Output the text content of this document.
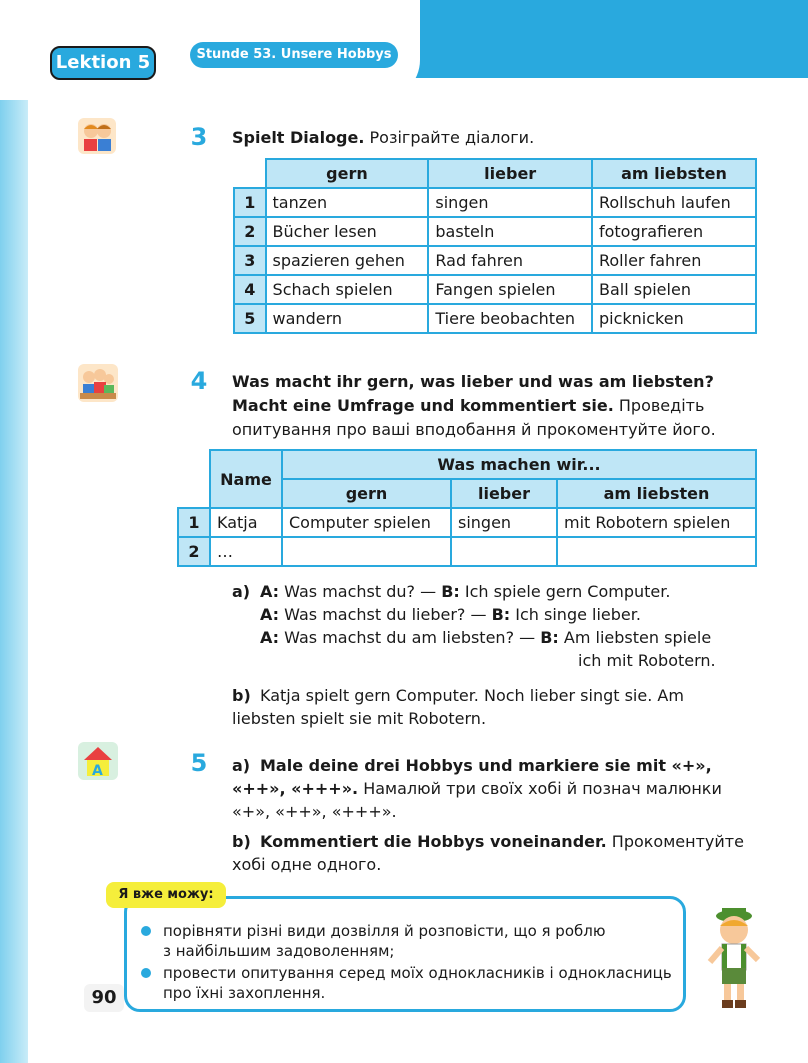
Lektion 5	Stunde 53. Unsere Hobbys
3 Spielt Dialoge. Розіграйте діалоги.
	gern	lieber	am liebsten
1	tanzen	singen	Rollschuh laufen
2	Bücher lesen	basteln	fotografieren
3	spazieren gehen	Rad fahren	Roller fahren
4	Schach spielen	Fangen spielen	Ball spielen
5	wandern	Tiere beobachten	picknicken
4 Was macht ihr gern, was lieber und was am liebsten?
Macht eine Umfrage und kommentiert sie. Проведіть
опитування про ваші вподобання й прокоментуйте його.
	Name	Was machen wir...		
		gern	lieber	am liebsten
1	Katja	Computer spielen	singen	mit Robotern spielen
2	…			
a) A: Was machst du? — B: Ich spiele gern Computer.
A: Was machst du lieber? — B: Ich singe lieber.
A: Was machst du am liebsten? — B: Am liebsten spiele
ich mit Robotern.
b) Katja spielt gern Computer. Noch lieber singt sie. Am
liebsten spielt sie mit Robotern.
A	5 a) Male deine drei Hobbys und markiere sie mit «+»,
«++», «+++». Намалюй три своїх хобі й познач малюнки
«+», «++», «+++».
b) Kommentiert die Hobbys voneinander. Прокоментуйте
хобі одне одного.
Я вже можу:
порівняти різні види дозвілля й розповісти, що я роблю
з найбільшим задоволенням;
провести опитування серед моїх однокласників і однокласниць
про їхні захоплення.
90
